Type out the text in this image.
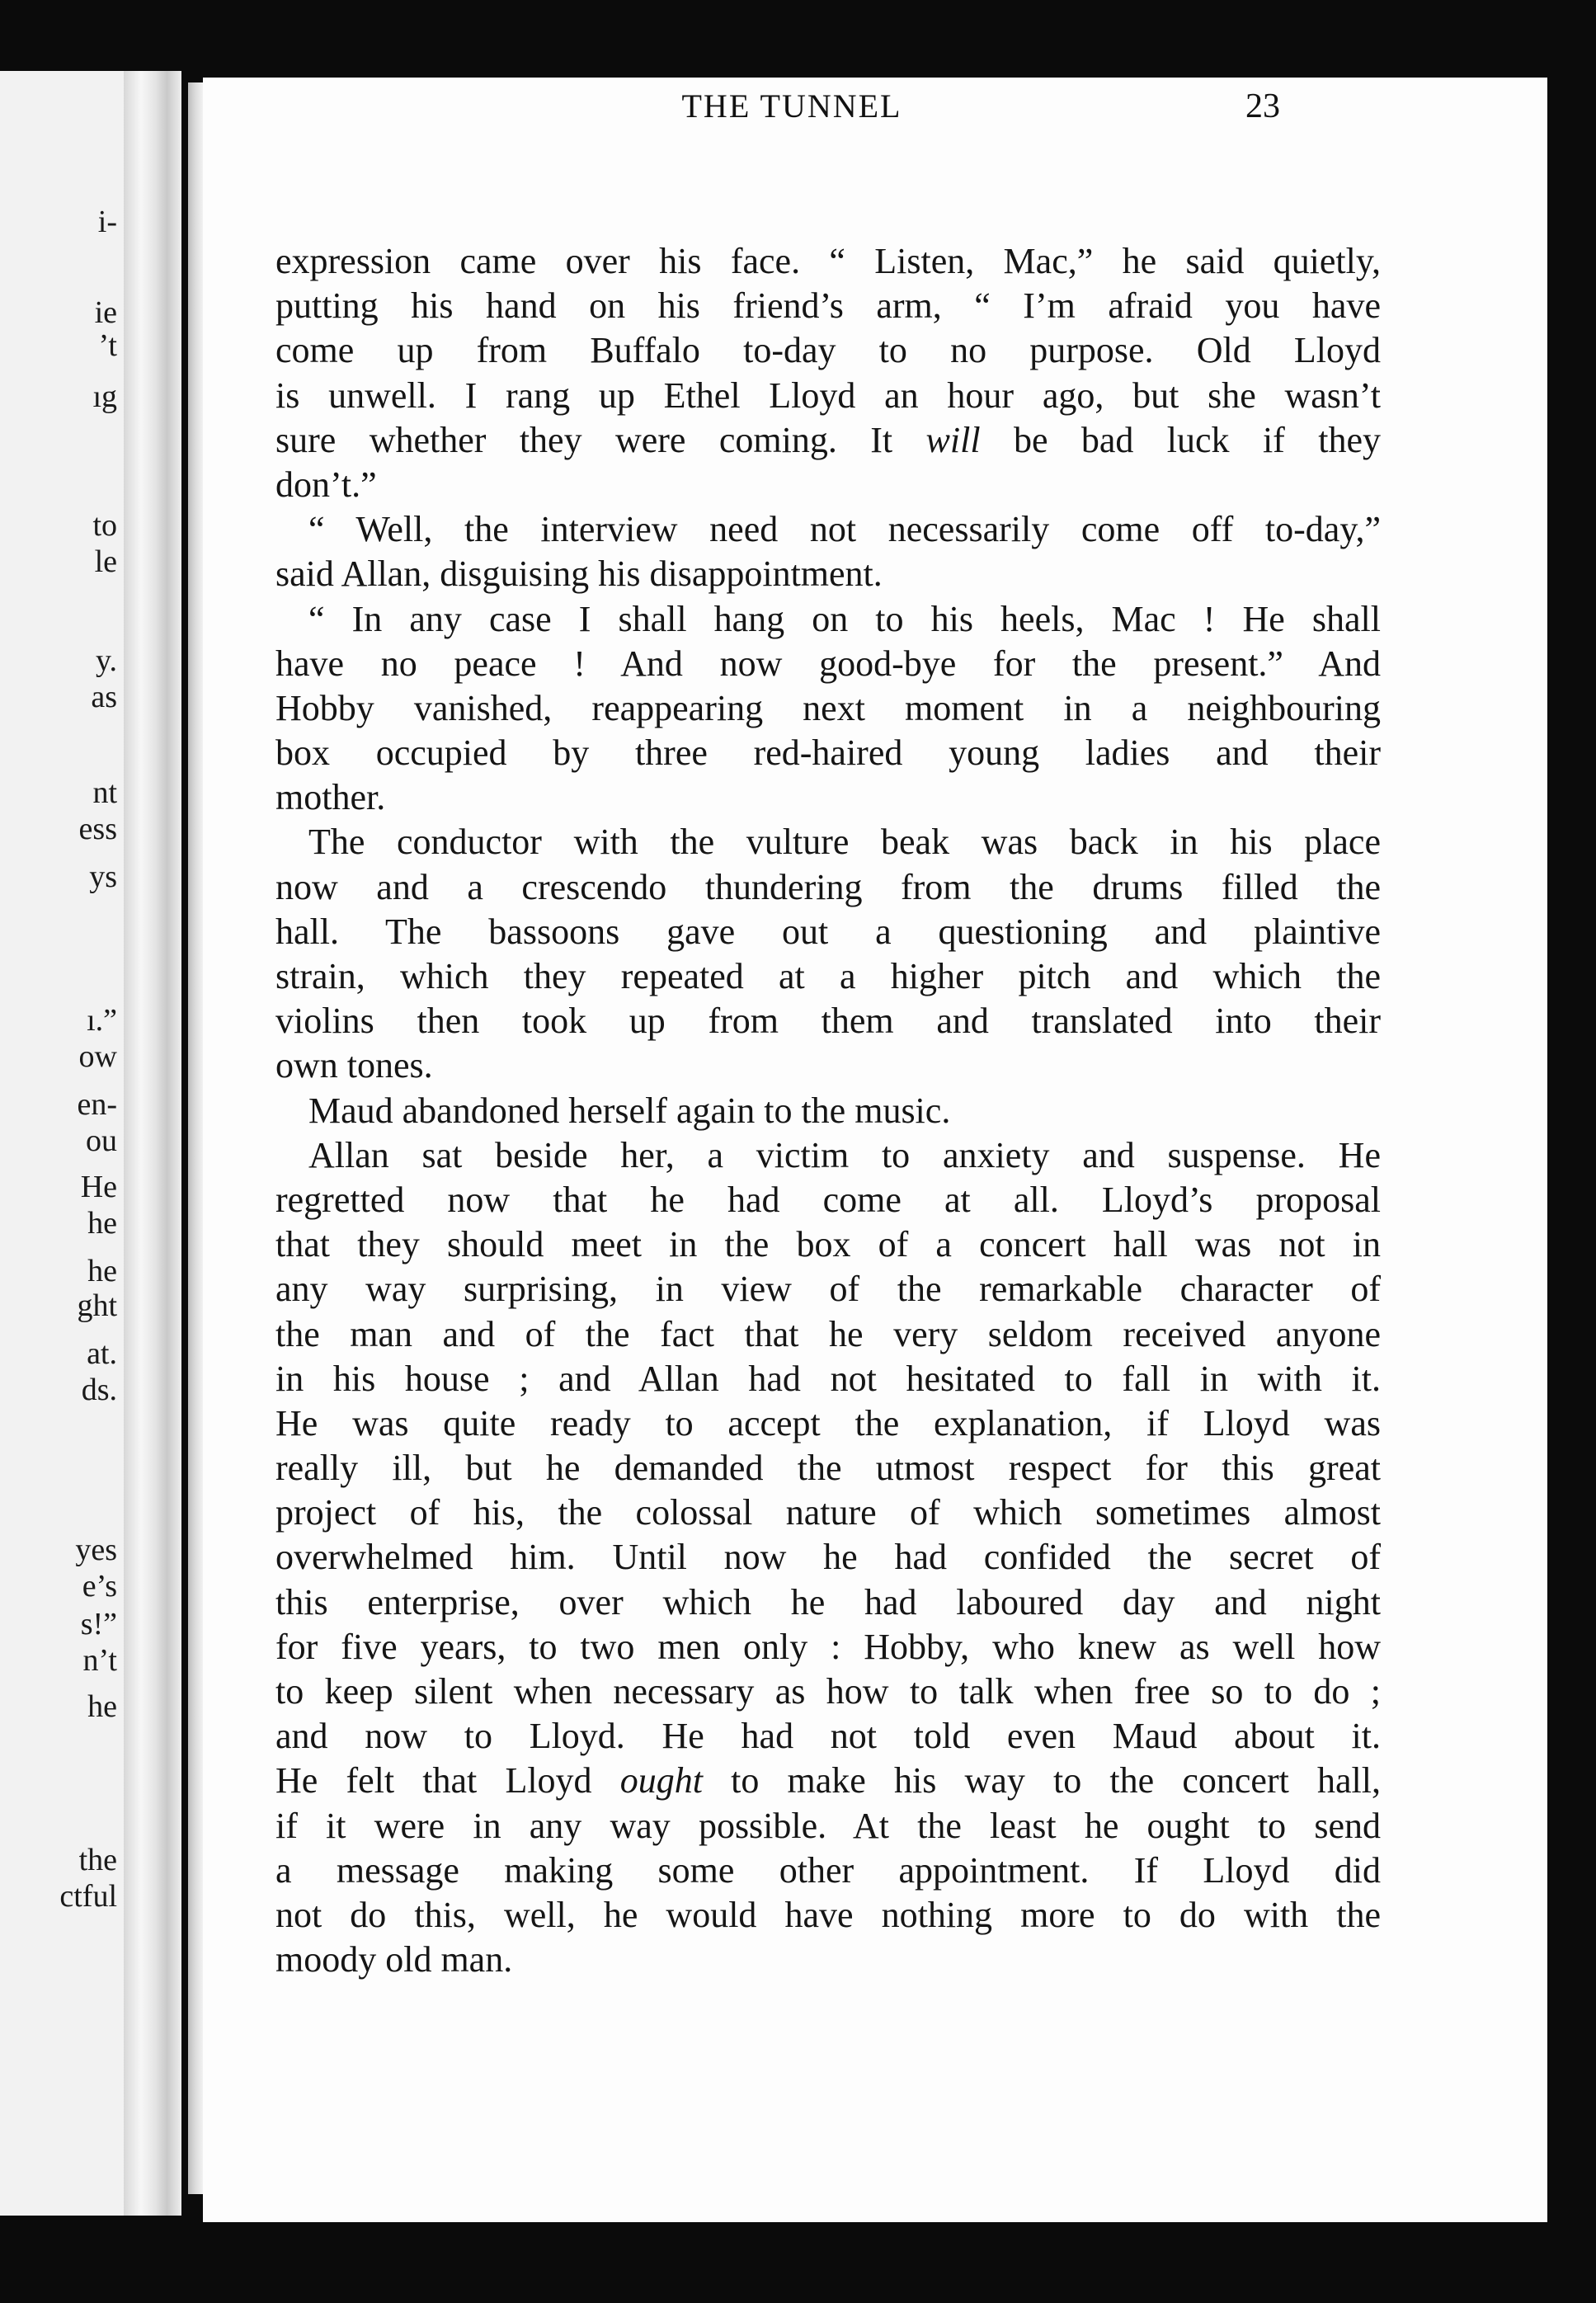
i-
ie
’t
ıg
to
le
y.
as
nt
ess
ys
ı.”
ow
en-
ou
He
he
he
ght
at.
ds.
yes
e’s
s!”
n’t
he
the
ctful
THE TUNNEL	23
expression came over his face. “ Listen, Mac,” he said quietly,
putting his hand on his friend’s arm, “ I’m afraid you have
come up from Buffalo to-day to no purpose. Old Lloyd
is unwell. I rang up Ethel Lloyd an hour ago, but she wasn’t
sure whether they were coming. It will be bad luck if they
don’t.”
“ Well, the interview need not necessarily come off to-day,”
said Allan, disguising his disappointment.
“ In any case I shall hang on to his heels, Mac ! He shall
have no peace ! And now good-bye for the present.” And
Hobby vanished, reappearing next moment in a neighbouring
box occupied by three red-haired young ladies and their
mother.
The conductor with the vulture beak was back in his place
now and a crescendo thundering from the drums filled the
hall. The bassoons gave out a questioning and plaintive
strain, which they repeated at a higher pitch and which the
violins then took up from them and translated into their
own tones.
Maud abandoned herself again to the music.
Allan sat beside her, a victim to anxiety and suspense. He
regretted now that he had come at all. Lloyd’s proposal
that they should meet in the box of a concert hall was not in
any way surprising, in view of the remarkable character of
the man and of the fact that he very seldom received anyone
in his house ; and Allan had not hesitated to fall in with it.
He was quite ready to accept the explanation, if Lloyd was
really ill, but he demanded the utmost respect for this great
project of his, the colossal nature of which sometimes almost
overwhelmed him. Until now he had confided the secret of
this enterprise, over which he had laboured day and night
for five years, to two men only : Hobby, who knew as well how
to keep silent when necessary as how to talk when free so to do ;
and now to Lloyd. He had not told even Maud about it.
He felt that Lloyd ought to make his way to the concert hall,
if it were in any way possible. At the least he ought to send
a message making some other appointment. If Lloyd did
not do this, well, he would have nothing more to do with the
moody old man.
